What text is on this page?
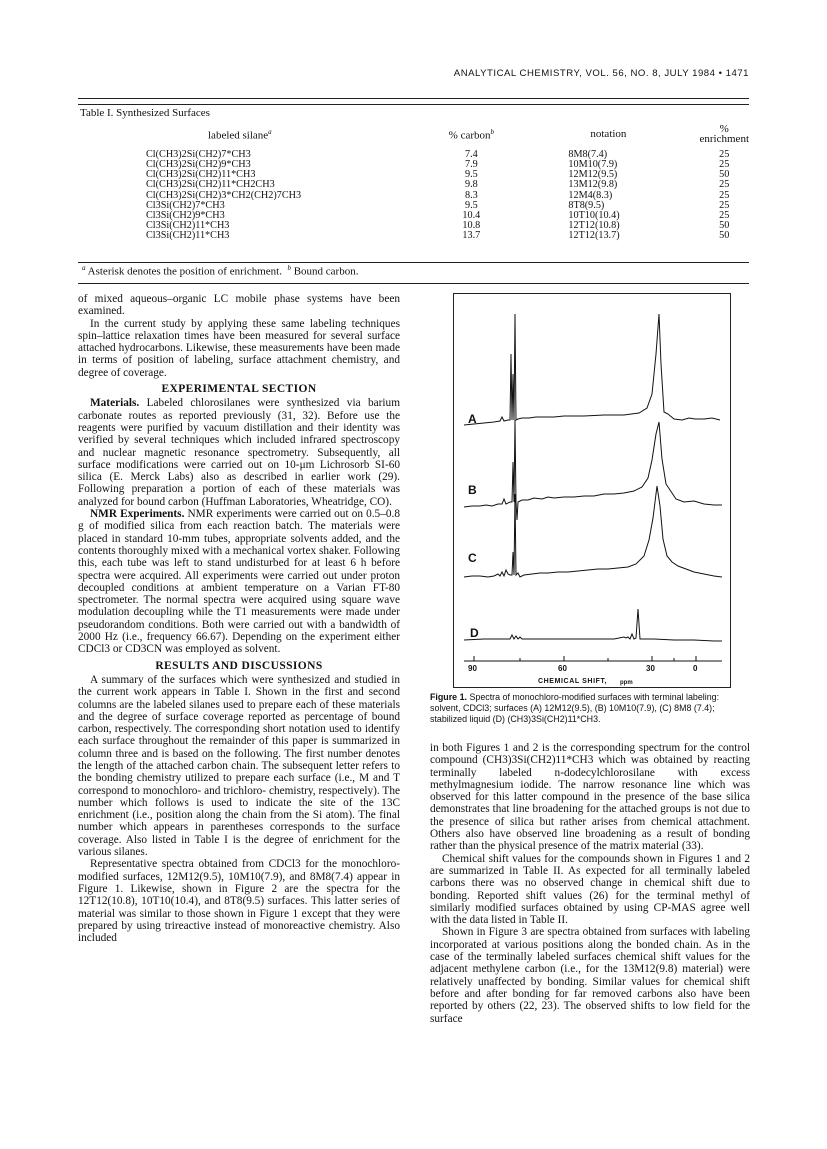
ANALYTICAL CHEMISTRY, VOL. 56, NO. 8, JULY 1984 • 1471
Table I. Synthesized Surfaces
labeled silane$^a$	% carbon$^b$	notation	% enrichment
Cl(CH3)2Si(CH2)7*CH3	7.4	8M8(7.4)	25
Cl(CH3)2Si(CH2)9*CH3	7.9	10M10(7.9)	25
Cl(CH3)2Si(CH2)11*CH3	9.5	12M12(9.5)	50
Cl(CH3)2Si(CH2)11*CH2CH3	9.8	13M12(9.8)	25
Cl(CH3)2Si(CH2)3*CH2(CH2)7CH3	8.3	12M4(8.3)	25
Cl3Si(CH2)7*CH3	9.5	8T8(9.5)	25
Cl3Si(CH2)9*CH3	10.4	10T10(10.4)	25
Cl3Si(CH2)11*CH3	10.8	12T12(10.8)	50
Cl3Si(CH2)11*CH3	13.7	12T12(13.7)	50
$^a$ Asterisk denotes the position of enrichment. $^b$ Bound carbon.

of mixed aqueous–organic LC mobile phase systems have been examined.

In the current study by applying these same labeling techniques spin–lattice relaxation times have been measured for several surface attached hydrocarbons. Likewise, these measurements have been made in terms of position of labeling, surface attachment chemistry, and degree of coverage.

EXPERIMENTAL SECTION

Materials. Labeled chlorosilanes were synthesized via barium carbonate routes as reported previously (31, 32). Before use the reagents were purified by vacuum distillation and their identity was verified by several techniques which included infrared spectroscopy and nuclear magnetic resonance spectrometry. Subsequently, all surface modifications were carried out on 10-μm Lichrosorb SI-60 silica (E. Merck Labs) also as described in earlier work (29). Following preparation a portion of each of these materials was analyzed for bound carbon (Huffman Laboratories, Wheatridge, CO).

NMR Experiments. NMR experiments were carried out on 0.5–0.8 g of modified silica from each reaction batch. The materials were placed in standard 10-mm tubes, appropriate solvents added, and the contents thoroughly mixed with a mechanical vortex shaker. Following this, each tube was left to stand undisturbed for at least 6 h before spectra were acquired. All experiments were carried out under proton decoupled conditions at ambient temperature on a Varian FT-80 spectrometer. The normal spectra were acquired using square wave modulation decoupling while the T1 measurements were made under pseudorandom conditions. Both were carried out with a bandwidth of 2000 Hz (i.e., frequency 66.67). Depending on the experiment either CDCl3 or CD3CN was employed as solvent.

RESULTS AND DISCUSSIONS

A summary of the surfaces which were synthesized and studied in the current work appears in Table I. Shown in the first and second columns are the labeled silanes used to prepare each of these materials and the degree of surface coverage reported as percentage of bound carbon, respectively. The corresponding short notation used to identify each surface throughout the remainder of this paper is summarized in column three and is based on the following. The first number denotes the length of the attached carbon chain. The subsequent letter refers to the bonding chemistry utilized to prepare each surface (i.e., M and T correspond to monochloro- and trichloro- chemistry, respectively). The number which follows is used to indicate the site of the 13C enrichment (i.e., position along the chain from the Si atom). The final number which appears in parentheses corresponds to the surface coverage. Also listed in Table I is the degree of enrichment for the various silanes.

Representative spectra obtained from CDCl3 for the monochloro-modified surfaces, 12M12(9.5), 10M10(7.9), and 8M8(7.4) appear in Figure 1. Likewise, shown in Figure 2 are the spectra for the 12T12(10.8), 10T10(10.4), and 8T8(9.5) surfaces. This latter series of material was similar to those shown in Figure 1 except that they were prepared by using trireactive instead of monoreactive chemistry. Also included

A
B
C
D
90	60	30	0
CHEMICAL SHIFT, ppm
Figure 1. Spectra of monochloro-modified surfaces with terminal labeling: solvent, CDCl3; surfaces (A) 12M12(9.5), (B) 10M10(7.9), (C) 8M8 (7.4); stabilized liquid (D) (CH3)3Si(CH2)11*CH3.

in both Figures 1 and 2 is the corresponding spectrum for the control compound (CH3)3Si(CH2)11*CH3 which was obtained by reacting terminally labeled n-dodecylchlorosilane with excess methylmagnesium iodide. The narrow resonance line which was observed for this latter compound in the presence of the base silica demonstrates that line broadening for the attached groups is not due to the presence of silica but rather arises from chemical attachment. Others also have observed line broadening as a result of bonding rather than the physical presence of the matrix material (33).

Chemical shift values for the compounds shown in Figures 1 and 2 are summarized in Table II. As expected for all terminally labeled carbons there was no observed change in chemical shift due to bonding. Reported shift values (26) for the terminal methyl of similarly modified surfaces obtained by using CP-MAS agree well with the data listed in Table II.

Shown in Figure 3 are spectra obtained from surfaces with labeling incorporated at various positions along the bonded chain. As in the case of the terminally labeled surfaces chemical shift values for the adjacent methylene carbon (i.e., for the 13M12(9.8) material) were relatively unaffected by bonding. Similar values for chemical shift before and after bonding for far removed carbons also have been reported by others (22, 23). The observed shifts to low field for the surface
